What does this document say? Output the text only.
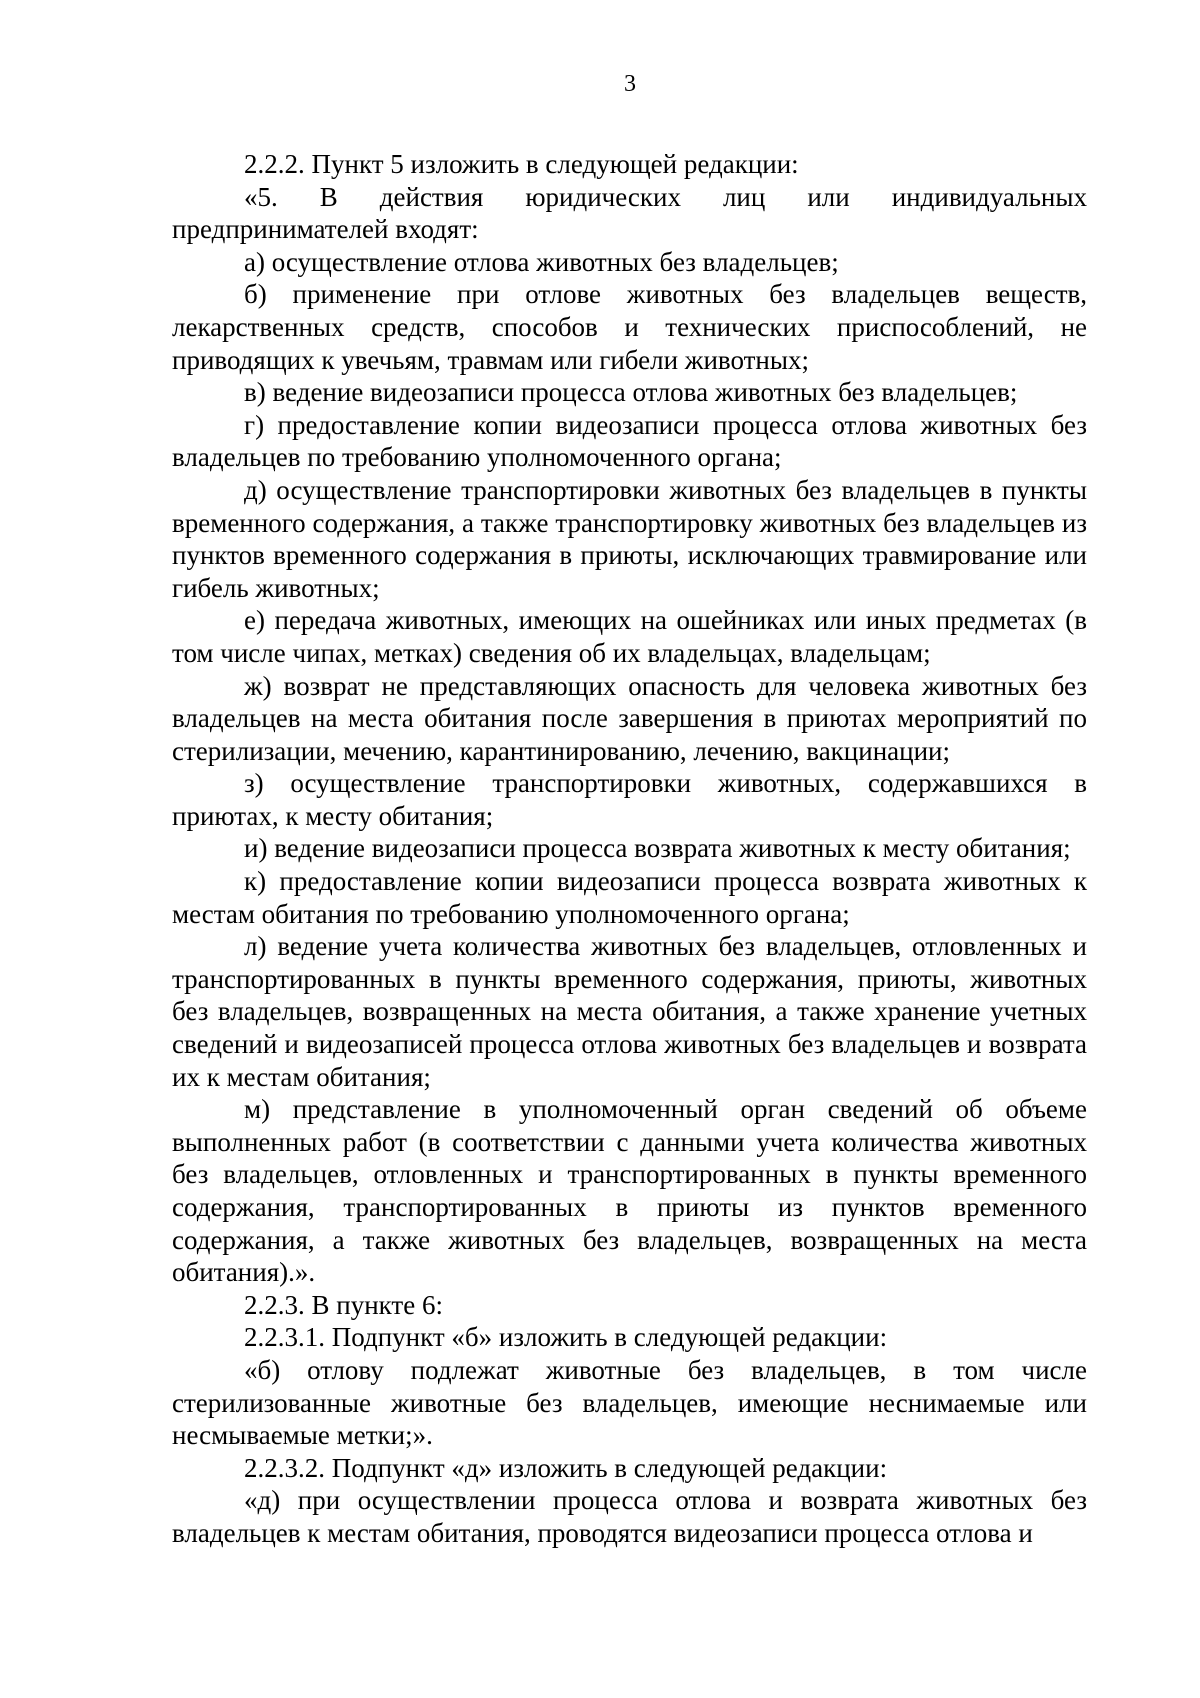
3

2.2.2. Пункт 5 изложить в следующей редакции:

«5. В действия юридических лиц или индивидуальных предпринимателей входят:

а) осуществление отлова животных без владельцев;

б) применение при отлове животных без владельцев веществ, лекарственных средств, способов и технических приспособлений, не приводящих к увечьям, травмам или гибели животных;

в) ведение видеозаписи процесса отлова животных без владельцев;

г) предоставление копии видеозаписи процесса отлова животных без владельцев по требованию уполномоченного органа;

д) осуществление транспортировки животных без владельцев в пункты временного содержания, а также транспортировку животных без владельцев из пунктов временного содержания в приюты, исключающих травмирование или гибель животных;

е) передача животных, имеющих на ошейниках или иных предметах (в том числе чипах, метках) сведения об их владельцах, владельцам;

ж) возврат не представляющих опасность для человека животных без владельцев на места обитания после завершения в приютах мероприятий по стерилизации, мечению, карантинированию, лечению, вакцинации;

з) осуществление транспортировки животных, содержавшихся в приютах, к месту обитания;

и) ведение видеозаписи процесса возврата животных к месту обитания;

к) предоставление копии видеозаписи процесса возврата животных к местам обитания по требованию уполномоченного органа;

л) ведение учета количества животных без владельцев, отловленных и транспортированных в пункты временного содержания, приюты, животных без владельцев, возвращенных на места обитания, а также хранение учетных сведений и видеозаписей процесса отлова животных без владельцев и возврата их к местам обитания;

м) представление в уполномоченный орган сведений об объеме выполненных работ (в соответствии с данными учета количества животных без владельцев, отловленных и транспортированных в пункты временного содержания, транспортированных в приюты из пунктов временного содержания, а также животных без владельцев, возвращенных на места обитания).».

2.2.3. В пункте 6:

2.2.3.1. Подпункт «б» изложить в следующей редакции:

«б) отлову подлежат животные без владельцев, в том числе стерилизованные животные без владельцев, имеющие неснимаемые или несмываемые метки;».

2.2.3.2. Подпункт «д» изложить в следующей редакции:

«д) при осуществлении процесса отлова и возврата животных без владельцев к местам обитания, проводятся видеозаписи процесса отлова и
